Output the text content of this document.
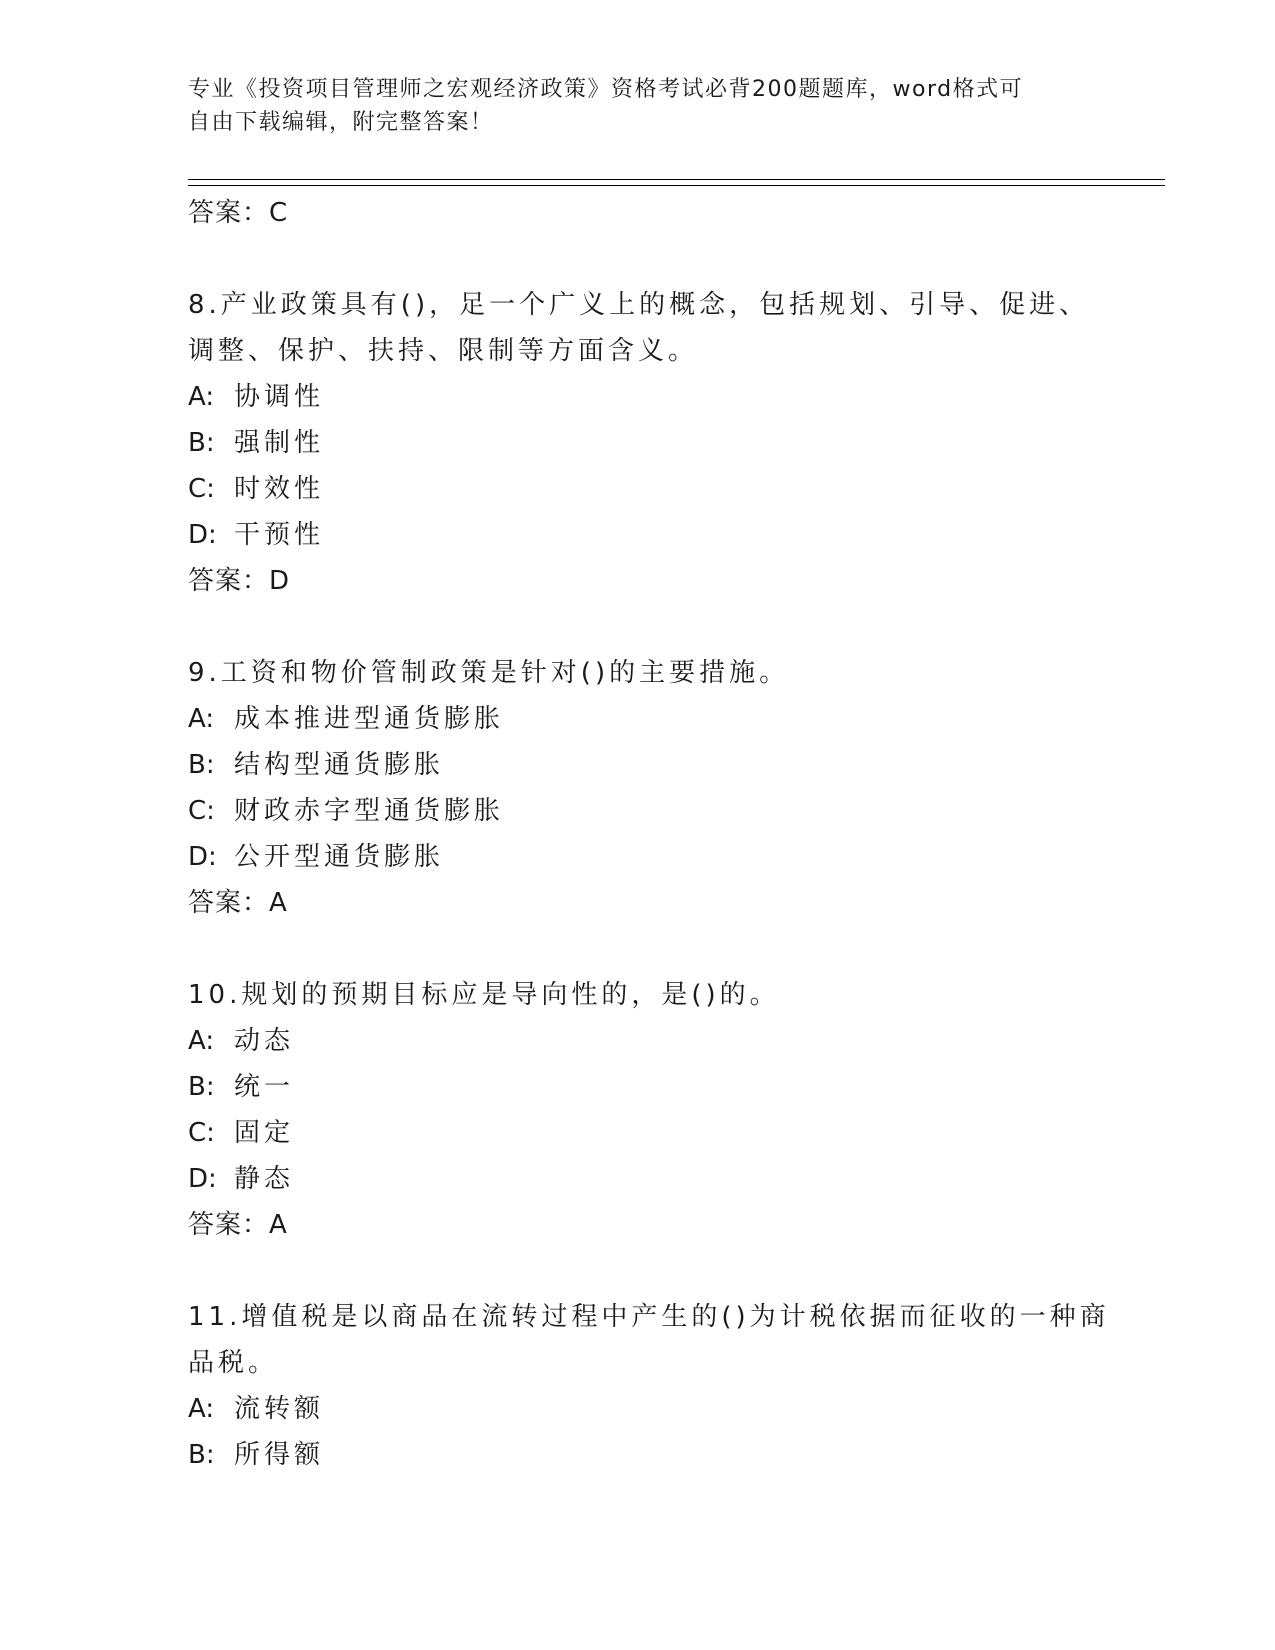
专业《投资项目管理师之宏观经济政策》资格考试必背200题题库，word格式可
自由下载编辑，附完整答案！
答案：C
8.产业政策具有()，足一个广义上的概念，包括规划、引导、促进、
调整、保护、扶持、限制等方面含义。
A: 协调性
B: 强制性
C: 时效性
D: 干预性
答案：D
9.工资和物价管制政策是针对()的主要措施。
A: 成本推进型通货膨胀
B: 结构型通货膨胀
C: 财政赤字型通货膨胀
D: 公开型通货膨胀
答案：A
10.规划的预期目标应是导向性的，是()的。
A: 动态
B: 统一
C: 固定
D: 静态
答案：A
11.增值税是以商品在流转过程中产生的()为计税依据而征收的一种商
品税。
A: 流转额
B: 所得额
